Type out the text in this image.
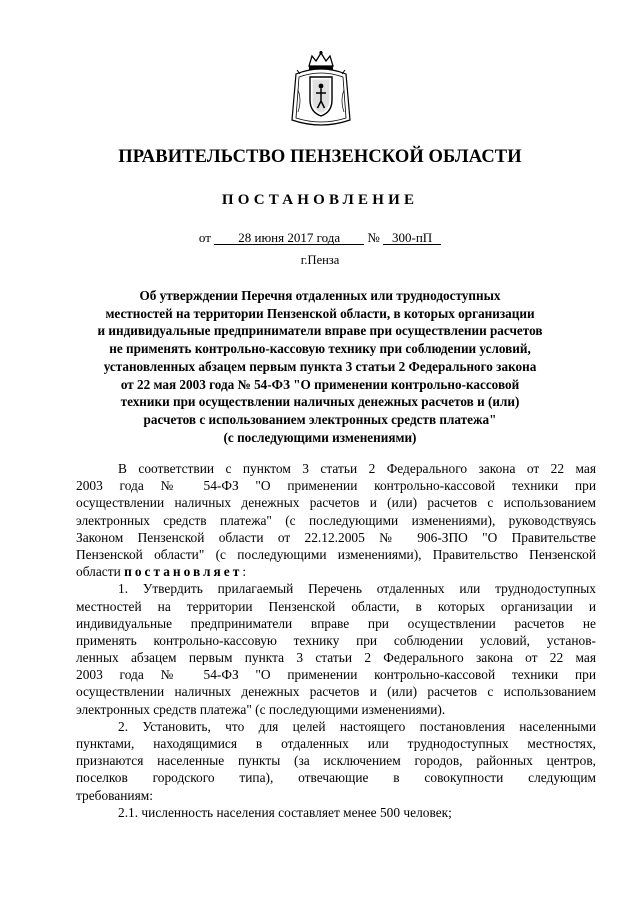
ПРАВИТЕЛЬСТВО ПЕНЗЕНСКОЙ ОБЛАСТИ
ПОСТАНОВЛЕНИЕ
от 28 июня 2017 года № 300-пП
г.Пенза
Об утверждении Перечня отдаленных или труднодоступных
местностей на территории Пензенской области, в которых организации
и индивидуальные предприниматели вправе при осуществлении расчетов
не применять контрольно-кассовую технику при соблюдении условий,
установленных абзацем первым пункта 3 статьи 2 Федерального закона
от 22 мая 2003 года № 54-ФЗ "О применении контрольно-кассовой
техники при осуществлении наличных денежных расчетов и (или)
расчетов с использованием электронных средств платежа"
(с последующими изменениями)
В соответствии с пунктом 3 статьи 2 Федерального закона от 22 мая
2003 года № 54-ФЗ "О применении контрольно-кассовой техники при
осуществлении наличных денежных расчетов и (или) расчетов с использованием
электронных средств платежа" (с последующими изменениями), руководствуясь
Законом Пензенской области от 22.12.2005 № 906-ЗПО "О Правительстве
Пензенской области" (с последующими изменениями), Правительство Пензенской
области постановляет:
1. Утвердить прилагаемый Перечень отдаленных или труднодоступных
местностей на территории Пензенской области, в которых организации и
индивидуальные предприниматели вправе при осуществлении расчетов не
применять контрольно-кассовую технику при соблюдении условий, установ-
ленных абзацем первым пункта 3 статьи 2 Федерального закона от 22 мая
2003 года № 54-ФЗ "О применении контрольно-кассовой техники при
осуществлении наличных денежных расчетов и (или) расчетов с использованием
электронных средств платежа" (с последующими изменениями).
2. Установить, что для целей настоящего постановления населенными
пунктами, находящимися в отдаленных или труднодоступных местностях,
признаются населенные пункты (за исключением городов, районных центров,
поселков городского типа), отвечающие в совокупности следующим
требованиям:
2.1. численность населения составляет менее 500 человек;
